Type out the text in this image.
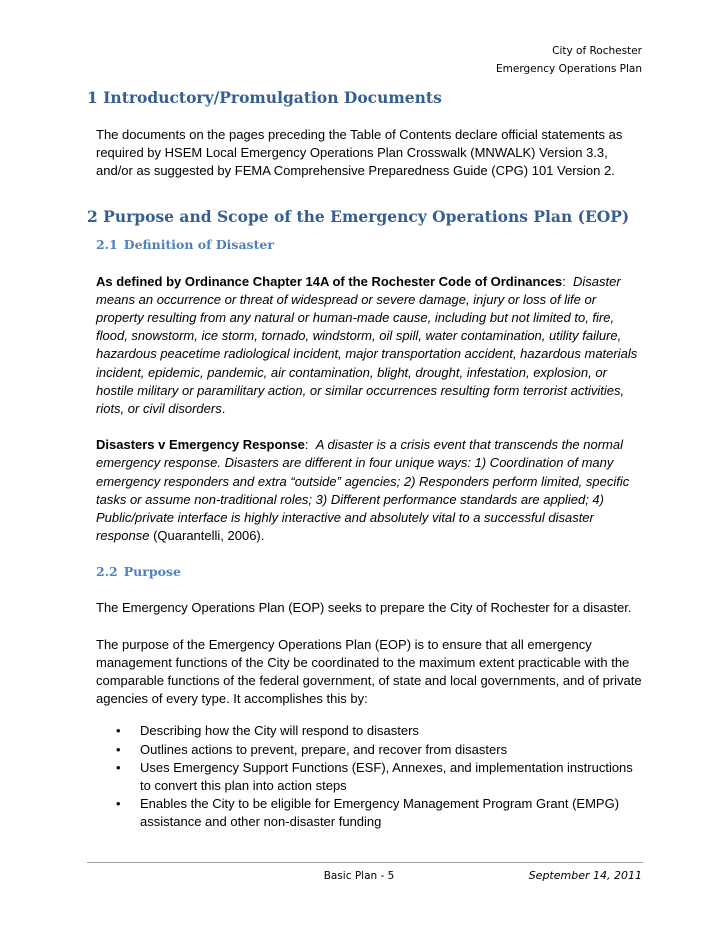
City of Rochester
Emergency Operations Plan
1 Introductory/Promulgation Documents

The documents on the pages preceding the Table of Contents declare official statements as required by HSEM Local Emergency Operations Plan Crosswalk (MNWALK) Version 3.3, and/or as suggested by FEMA Comprehensive Preparedness Guide (CPG) 101 Version 2.

2 Purpose and Scope of the Emergency Operations Plan (EOP)
2.1 Definition of Disaster

As defined by Ordinance Chapter 14A of the Rochester Code of Ordinances: Disaster means an occurrence or threat of widespread or severe damage, injury or loss of life or property resulting from any natural or human-made cause, including but not limited to, fire, flood, snowstorm, ice storm, tornado, windstorm, oil spill, water contamination, utility failure, hazardous peacetime radiological incident, major transportation accident, hazardous materials incident, epidemic, pandemic, air contamination, blight, drought, infestation, explosion, or hostile military or paramilitary action, or similar occurrences resulting form terrorist activities, riots, or civil disorders.

Disasters v Emergency Response: A disaster is a crisis event that transcends the normal emergency response. Disasters are different in four unique ways: 1) Coordination of many emergency responders and extra “outside” agencies; 2) Responders perform limited, specific tasks or assume non-traditional roles; 3) Different performance standards are applied; 4) Public/private interface is highly interactive and absolutely vital to a successful disaster response (Quarantelli, 2006).

2.2 Purpose

The Emergency Operations Plan (EOP) seeks to prepare the City of Rochester for a disaster.

The purpose of the Emergency Operations Plan (EOP) is to ensure that all emergency management functions of the City be coordinated to the maximum extent practicable with the comparable functions of the federal government, of state and local governments, and of private agencies of every type. It accomplishes this by:

• Describing how the City will respond to disasters
• Outlines actions to prevent, prepare, and recover from disasters
• Uses Emergency Support Functions (ESF), Annexes, and implementation instructions to convert this plan into action steps
• Enables the City to be eligible for Emergency Management Program Grant (EMPG) assistance and other non-disaster funding
Basic Plan - 5	September 14, 2011
